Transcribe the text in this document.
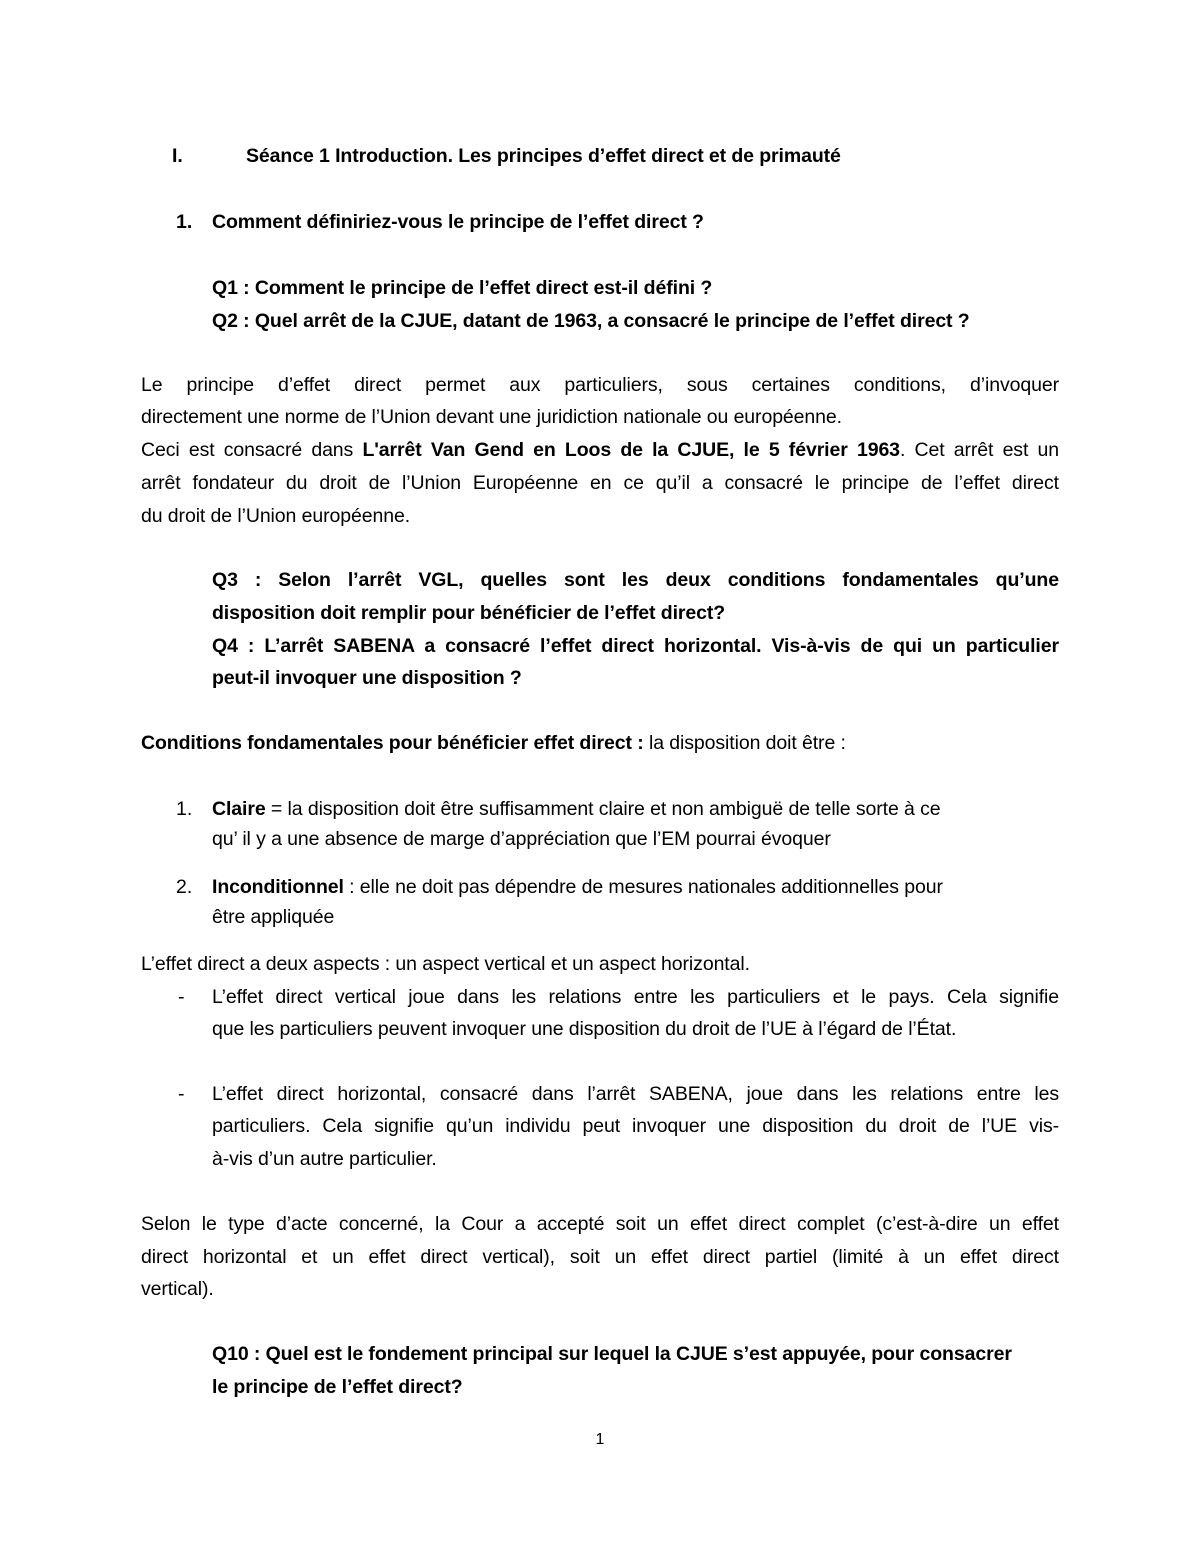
I.	Séance 1 Introduction. Les principes d’effet direct et de primauté
1. Comment définiriez-vous le principe de l’effet direct ?
Q1 : Comment le principe de l’effet direct est-il défini ?
Q2 : Quel arrêt de la CJUE, datant de 1963, a consacré le principe de l’effet direct ?
Le principe d’effet direct permet aux particuliers, sous certaines conditions, d’invoquer
directement une norme de l’Union devant une juridiction nationale ou européenne.
Ceci est consacré dans L'arrêt Van Gend en Loos de la CJUE, le 5 février 1963. Cet arrêt est un
arrêt fondateur du droit de l’Union Européenne en ce qu’il a consacré le principe de l’effet direct
du droit de l’Union européenne.
Q3 : Selon l’arrêt VGL, quelles sont les deux conditions fondamentales qu’une
disposition doit remplir pour bénéficier de l’effet direct?
Q4 : L’arrêt SABENA a consacré l’effet direct horizontal. Vis-à-vis de qui un particulier
peut-il invoquer une disposition ?
Conditions fondamentales pour bénéficier effet direct : la disposition doit être :
1. Claire = la disposition doit être suffisamment claire et non ambiguë de telle sorte à ce
qu’ il y a une absence de marge d’appréciation que l’EM pourrai évoquer
2. Inconditionnel : elle ne doit pas dépendre de mesures nationales additionnelles pour
être appliquée
L’effet direct a deux aspects : un aspect vertical et un aspect horizontal.
- L’effet direct vertical joue dans les relations entre les particuliers et le pays. Cela signifie
que les particuliers peuvent invoquer une disposition du droit de l’UE à l’égard de l’État.
- L’effet direct horizontal, consacré dans l’arrêt SABENA, joue dans les relations entre les
particuliers. Cela signifie qu’un individu peut invoquer une disposition du droit de l’UE vis-
à-vis d’un autre particulier.
Selon le type d’acte concerné, la Cour a accepté soit un effet direct complet (c’est-à-dire un effet
direct horizontal et un effet direct vertical), soit un effet direct partiel (limité à un effet direct
vertical).
Q10 : Quel est le fondement principal sur lequel la CJUE s’est appuyée, pour consacrer
le principe de l’effet direct?
1
